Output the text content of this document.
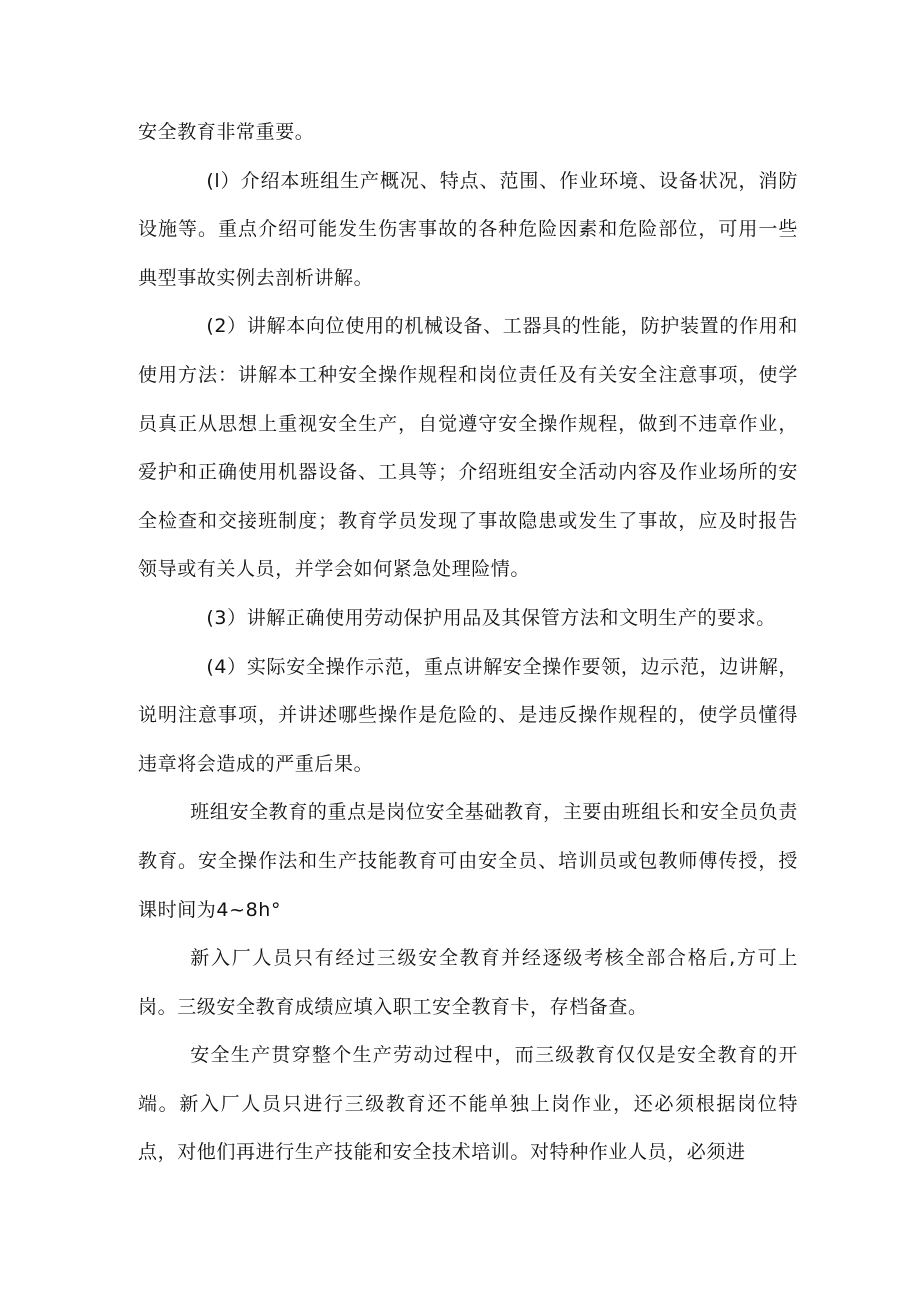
安全教育非常重要。

(l）介绍本班组生产概况、特点、范围、作业环境、设备状况，消防设施等。重点介绍可能发生伤害事故的各种危险因素和危险部位，可用一些典型事故实例去剖析讲解。

(2）讲解本向位使用的机械设备、工器具的性能，防护装置的作用和使用方法：讲解本工种安全操作规程和岗位责任及有关安全注意事项，使学员真正从思想上重视安全生产，自觉遵守安全操作规程，做到不违章作业，爱护和正确使用机器设备、工具等；介绍班组安全活动内容及作业场所的安全检查和交接班制度；教育学员发现了事故隐患或发生了事故，应及时报告领导或有关人员，并学会如何紧急处理险情。

(3）讲解正确使用劳动保护用品及其保管方法和文明生产的要求。

(4）实际安全操作示范，重点讲解安全操作要领，边示范，边讲解，说明注意事项，并讲述哪些操作是危险的、是违反操作规程的，使学员懂得违章将会造成的严重后果。

班组安全教育的重点是岗位安全基础教育，主要由班组长和安全员负责教育。安全操作法和生产技能教育可由安全员、培训员或包教师傅传授，授课时间为4~8h°

新入厂人员只有经过三级安全教育并经逐级考核全部合格后,方可上岗。三级安全教育成绩应填入职工安全教育卡，存档备查。

安全生产贯穿整个生产劳动过程中，而三级教育仅仅是安全教育的开端。新入厂人员只进行三级教育还不能单独上岗作业，还必须根据岗位特点，对他们再进行生产技能和安全技术培训。对特种作业人员，必须进
